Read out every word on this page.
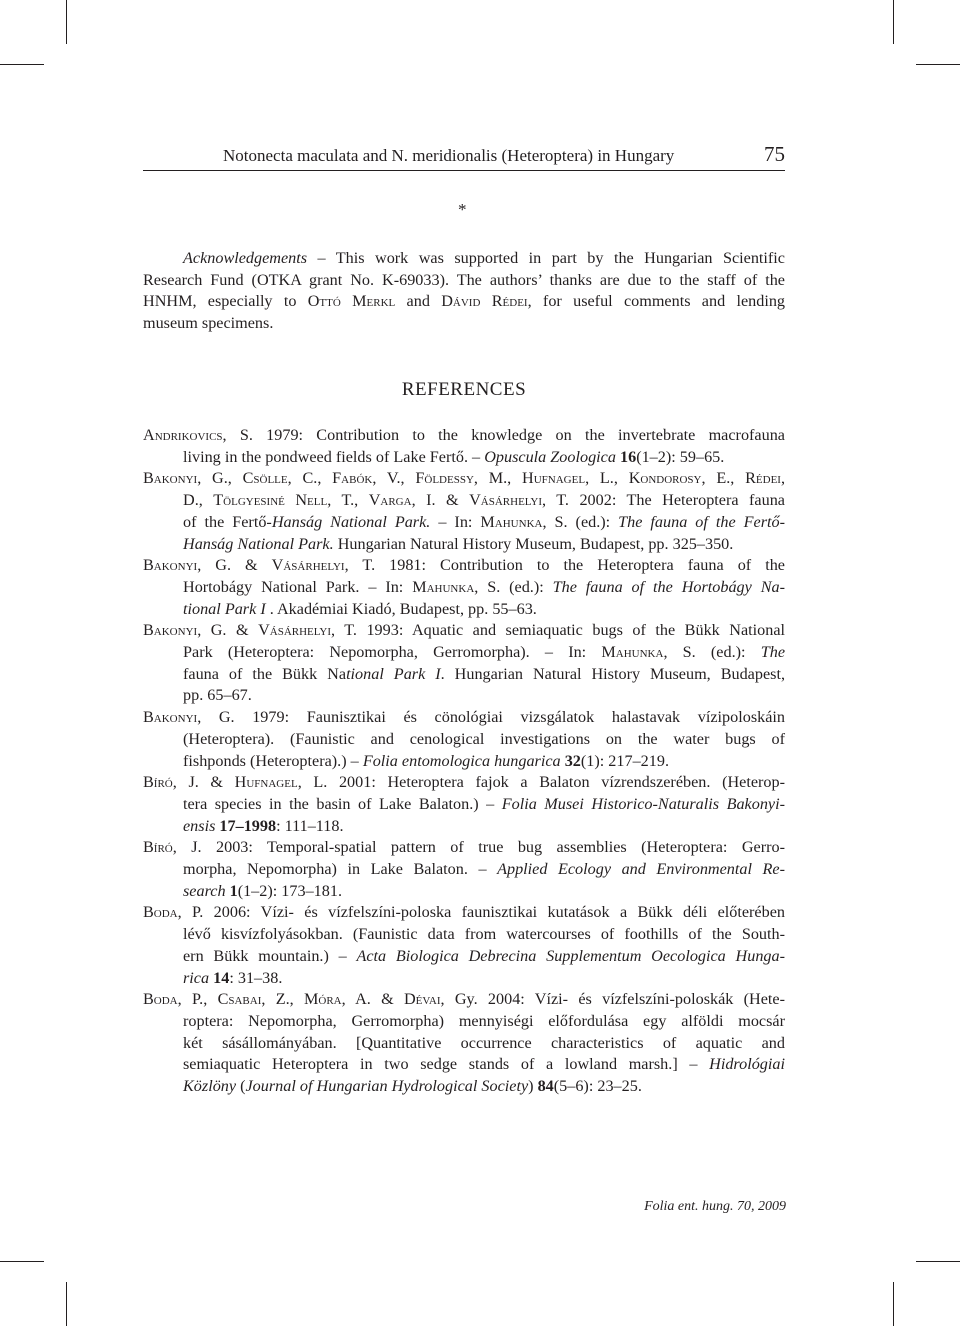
Notonecta maculata and N. meridionalis (Heteroptera) in Hungary	75
*
Acknowledgements – This work was supported in part by the Hungarian Scientific
Research Fund (OTKA grant No. K-69033). The authors’ thanks are due to the staff of the
HNHM, especially to Ottó Merkl and Dávid Rédei, for useful comments and lending
museum specimens.
REFERENCES
Andrikovics, S. 1979: Contribution to the knowledge on the invertebrate macrofauna
living in the pondweed fields of Lake Fertő. – Opuscula Zoologica 16(1–2): 59–65.
Bakonyi, G., Csölle, C., Fabók, V., Földessy, M., Hufnagel, L., Kondorosy, E., Rédei,
D., Tölgyesiné Nell, T., Varga, I. & Vásárhelyi, T. 2002: The Heteroptera fauna
of the Fertő-Hanság National Park. – In: Mahunka, S. (ed.): The fauna of the Fertő-
Hanság National Park. Hungarian Natural History Museum, Budapest, pp. 325–350.
Bakonyi, G. & Vásárhelyi, T. 1981: Contribution to the Heteroptera fauna of the
Hortobágy National Park. – In: Mahunka, S. (ed.): The fauna of the Hortobágy Na-
tional Park I . Akadémiai Kiadó, Budapest, pp. 55–63.
Bakonyi, G. & Vásárhelyi, T. 1993: Aquatic and semiaquatic bugs of the Bükk National
Park (Heteroptera: Nepomorpha, Gerromorpha). – In: Mahunka, S. (ed.): The
fauna of the Bükk National Park I. Hungarian Natural History Museum, Budapest,
pp. 65–67.
Bakonyi, G. 1979: Faunisztikai és cönológiai vizsgálatok halastavak vízipoloskáin
(Heteroptera). (Faunistic and cenological investigations on the water bugs of
fishponds (Heteroptera).) – Folia entomologica hungarica 32(1): 217–219.
Bíró, J. & Hufnagel, L. 2001: Heteroptera fajok a Balaton vízrendszerében. (Heterop-
tera species in the basin of Lake Balaton.) – Folia Musei Historico-Naturalis Bakonyi-
ensis 17–1998: 111–118.
Bíró, J. 2003: Temporal-spatial pattern of true bug assemblies (Heteroptera: Gerro-
morpha, Nepomorpha) in Lake Balaton. – Applied Ecology and Environmental Re-
search 1(1–2): 173–181.
Boda, P. 2006: Vízi- és vízfelszíni-poloska faunisztikai kutatások a Bükk déli előterében
lévő kisvízfolyásokban. (Faunistic data from watercourses of foothills of the South-
ern Bükk mountain.) – Acta Biologica Debrecina Supplementum Oecologica Hunga-
rica 14: 31–38.
Boda, P., Csabai, Z., Móra, A. & Dévai, Gy. 2004: Vízi- és vízfelszíni-poloskák (Hete-
roptera: Nepomorpha, Gerromorpha) mennyiségi előfordulása egy alföldi mocsár
két sásállományában. [Quantitative occurrence characteristics of aquatic and
semiaquatic Heteroptera in two sedge stands of a lowland marsh.] – Hidrológiai
Közlöny (Journal of Hungarian Hydrological Society) 84(5–6): 23–25.
Folia ent. hung. 70, 2009
